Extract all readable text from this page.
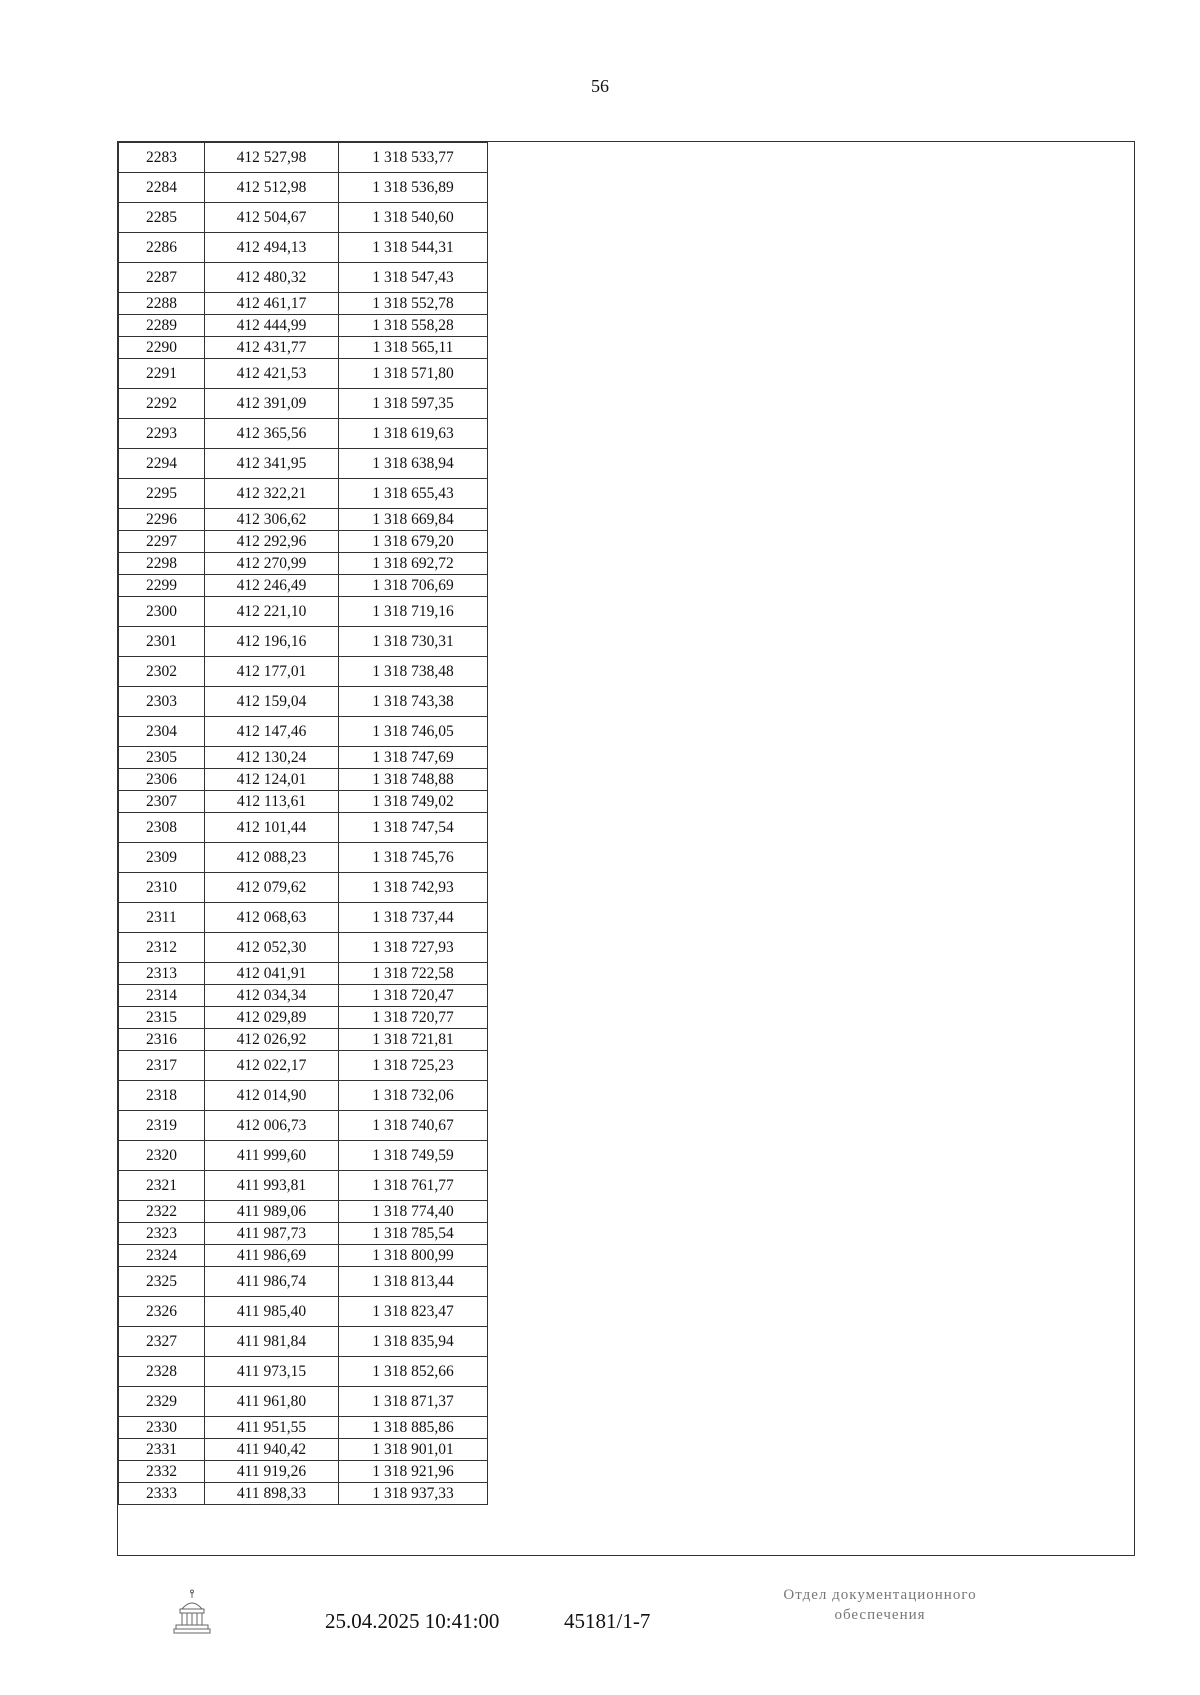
56
2283	412 527,98	1 318 533,77
2284	412 512,98	1 318 536,89
2285	412 504,67	1 318 540,60
2286	412 494,13	1 318 544,31
2287	412 480,32	1 318 547,43
2288	412 461,17	1 318 552,78
2289	412 444,99	1 318 558,28
2290	412 431,77	1 318 565,11
2291	412 421,53	1 318 571,80
2292	412 391,09	1 318 597,35
2293	412 365,56	1 318 619,63
2294	412 341,95	1 318 638,94
2295	412 322,21	1 318 655,43
2296	412 306,62	1 318 669,84
2297	412 292,96	1 318 679,20
2298	412 270,99	1 318 692,72
2299	412 246,49	1 318 706,69
2300	412 221,10	1 318 719,16
2301	412 196,16	1 318 730,31
2302	412 177,01	1 318 738,48
2303	412 159,04	1 318 743,38
2304	412 147,46	1 318 746,05
2305	412 130,24	1 318 747,69
2306	412 124,01	1 318 748,88
2307	412 113,61	1 318 749,02
2308	412 101,44	1 318 747,54
2309	412 088,23	1 318 745,76
2310	412 079,62	1 318 742,93
2311	412 068,63	1 318 737,44
2312	412 052,30	1 318 727,93
2313	412 041,91	1 318 722,58
2314	412 034,34	1 318 720,47
2315	412 029,89	1 318 720,77
2316	412 026,92	1 318 721,81
2317	412 022,17	1 318 725,23
2318	412 014,90	1 318 732,06
2319	412 006,73	1 318 740,67
2320	411 999,60	1 318 749,59
2321	411 993,81	1 318 761,77
2322	411 989,06	1 318 774,40
2323	411 987,73	1 318 785,54
2324	411 986,69	1 318 800,99
2325	411 986,74	1 318 813,44
2326	411 985,40	1 318 823,47
2327	411 981,84	1 318 835,94
2328	411 973,15	1 318 852,66
2329	411 961,80	1 318 871,37
2330	411 951,55	1 318 885,86
2331	411 940,42	1 318 901,01
2332	411 919,26	1 318 921,96
2333	411 898,33	1 318 937,33
25.04.2025 10:41:00	45181/1-7
Отдел документационного
обеспечения
